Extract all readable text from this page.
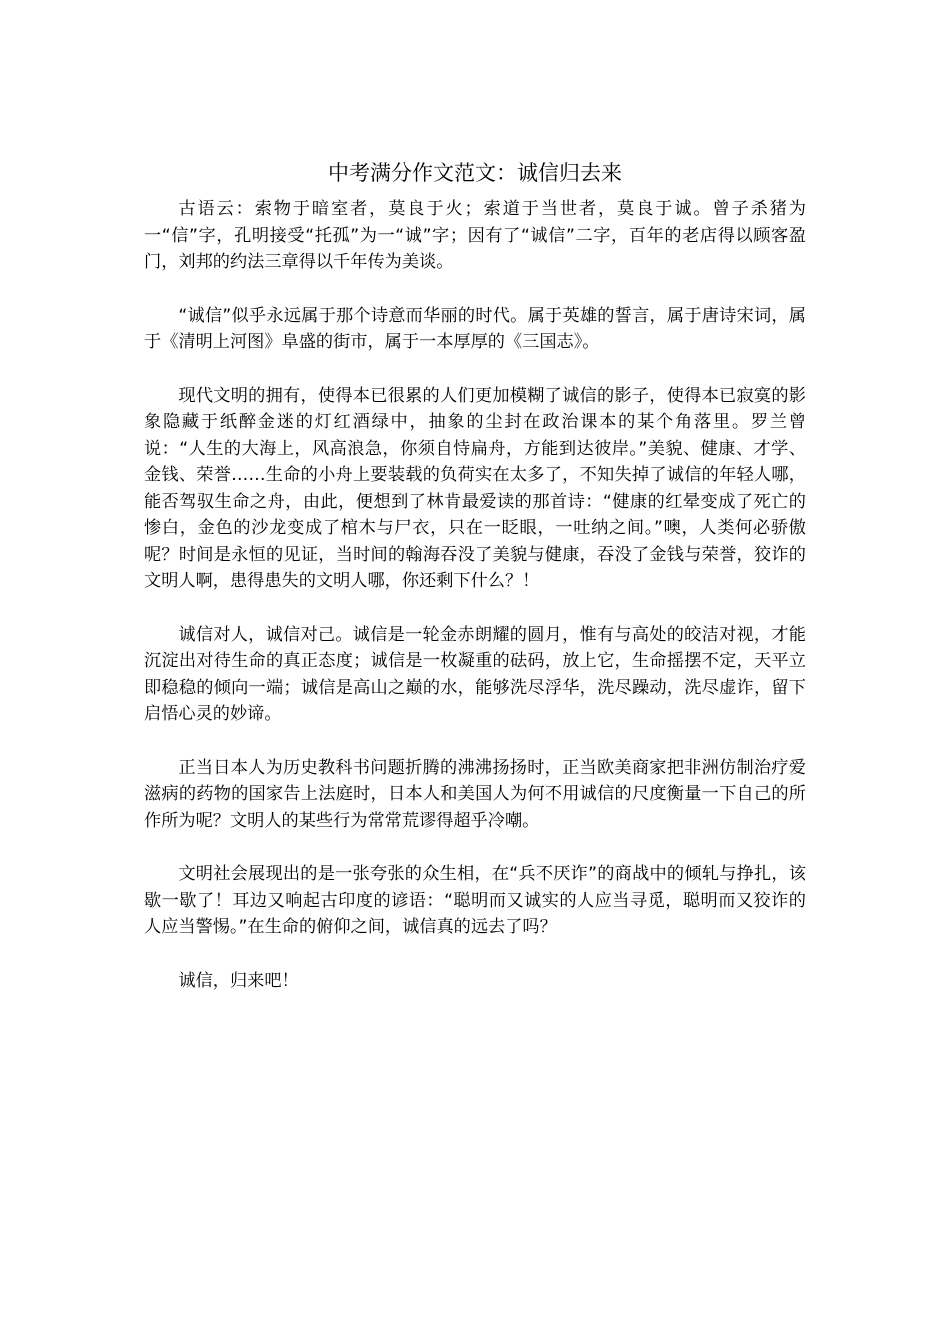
中考满分作文范文：诚信归去来

古语云：索物于暗室者，莫良于火；索道于当世者，莫良于诚。曾子杀猪为一“信”字，孔明接受“托孤”为一“诚”字；因有了“诚信”二字，百年的老店得以顾客盈门，刘邦的约法三章得以千年传为美谈。

“诚信”似乎永远属于那个诗意而华丽的时代。属于英雄的誓言，属于唐诗宋词，属于《清明上河图》阜盛的街市，属于一本厚厚的《三国志》。

现代文明的拥有，使得本已很累的人们更加模糊了诚信的影子，使得本已寂寞的影象隐藏于纸醉金迷的灯红酒绿中，抽象的尘封在政治课本的某个角落里。罗兰曾说：“人生的大海上，风高浪急，你须自恃扁舟，方能到达彼岸。”美貌、健康、才学、金钱、荣誉……生命的小舟上要装载的负荷实在太多了，不知失掉了诚信的年轻人哪，能否驾驭生命之舟，由此，便想到了林肯最爱读的那首诗：“健康的红晕变成了死亡的惨白，金色的沙龙变成了棺木与尸衣，只在一眨眼，一吐纳之间。”噢，人类何必骄傲呢？时间是永恒的见证，当时间的翰海吞没了美貌与健康，吞没了金钱与荣誉，狡诈的文明人啊，患得患失的文明人哪，你还剩下什么？！

诚信对人，诚信对己。诚信是一轮金赤朗耀的圆月，惟有与高处的皎洁对视，才能沉淀出对待生命的真正态度；诚信是一枚凝重的砝码，放上它，生命摇摆不定，天平立即稳稳的倾向一端；诚信是高山之巅的水，能够洗尽浮华，洗尽躁动，洗尽虚诈，留下启悟心灵的妙谛。

正当日本人为历史教科书问题折腾的沸沸扬扬时，正当欧美商家把非洲仿制治疗爱滋病的药物的国家告上法庭时，日本人和美国人为何不用诚信的尺度衡量一下自己的所作所为呢？文明人的某些行为常常荒谬得超乎冷嘲。

文明社会展现出的是一张夸张的众生相，在“兵不厌诈”的商战中的倾轧与挣扎，该歇一歇了！耳边又响起古印度的谚语：“聪明而又诚实的人应当寻觅，聪明而又狡诈的人应当警惕。”在生命的俯仰之间，诚信真的远去了吗？

诚信，归来吧！
